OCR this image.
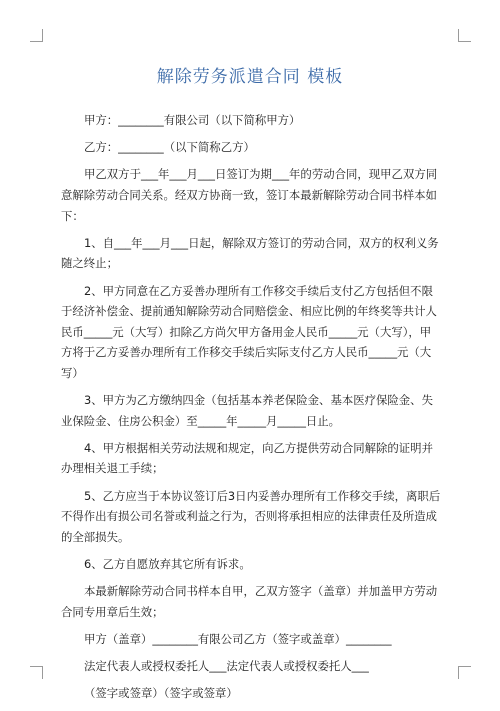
解除劳务派遣合同 模板

甲方：________有限公司（以下简称甲方）

乙方：________（以下简称乙方）

甲乙双方于___年___月___日签订为期___年的劳动合同，现甲乙双方同意解除劳动合同关系。经双方协商一致，签订本最新解除劳动合同书样本如下：

1、自___年___月___日起，解除双方签订的劳动合同，双方的权利义务随之终止；

2、甲方同意在乙方妥善办理所有工作移交手续后支付乙方包括但不限于经济补偿金、提前通知解除劳动合同赔偿金、相应比例的年终奖等共计人民币_____元（大写）扣除乙方尚欠甲方备用金人民币_____元（大写），甲方将于乙方妥善办理所有工作移交手续后实际支付乙方人民币_____元（大写）

3、甲方为乙方缴纳四金（包括基本养老保险金、基本医疗保险金、失业保险金、住房公积金）至_____年_____月_____日止。

4、甲方根据相关劳动法规和规定，向乙方提供劳动合同解除的证明并办理相关退工手续；

5、乙方应当于本协议签订后3日内妥善办理所有工作移交手续，离职后不得作出有损公司名誉或利益之行为，否则将承担相应的法律责任及所造成的全部损失。

6、乙方自愿放弃其它所有诉求。

本最新解除劳动合同书样本自甲，乙双方签字（盖章）并加盖甲方劳动合同专用章后生效；

甲方（盖章）________有限公司乙方（签字或盖章）________

法定代表人或授权委托人___法定代表人或授权委托人___

（签字或签章）（签字或签章）
